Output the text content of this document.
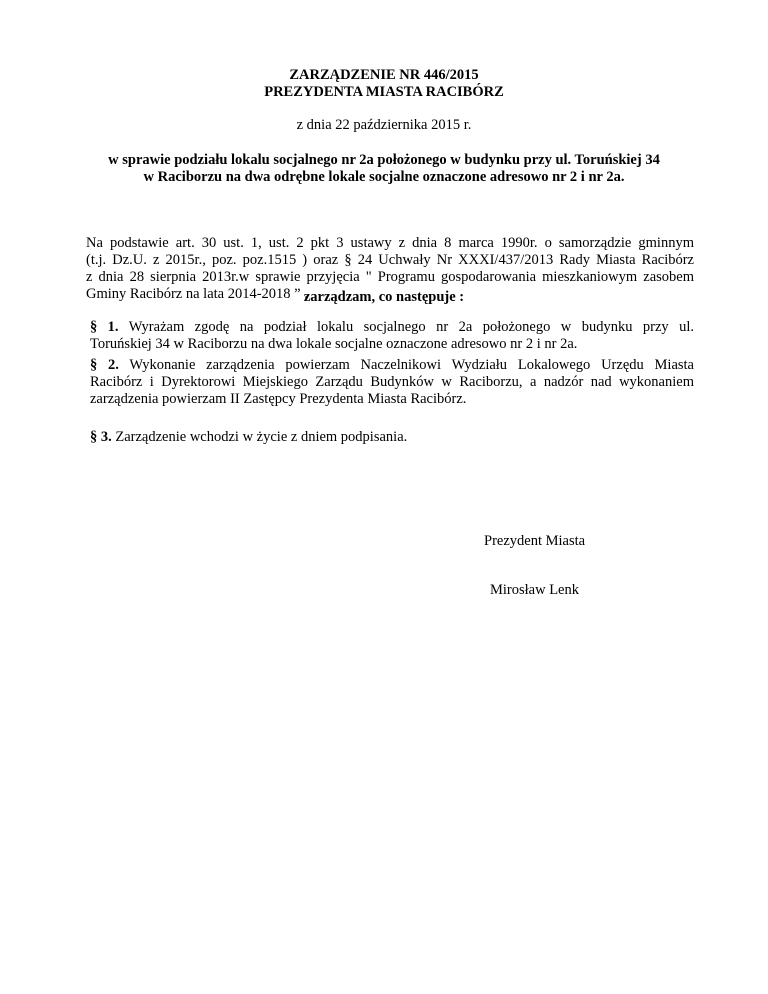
ZARZĄDZENIE NR 446/2015
PREZYDENTA MIASTA RACIBÓRZ
z dnia 22 października 2015 r.
w sprawie podziału lokalu socjalnego nr 2a położonego w budynku przy ul. Toruńskiej 34
w Raciborzu na dwa odrębne lokale socjalne oznaczone adresowo nr 2 i nr 2a.
Na podstawie art. 30 ust. 1, ust. 2 pkt 3 ustawy z dnia 8 marca 1990r. o samorządzie gminnym
(t.j. Dz.U. z 2015r., poz. poz.1515 ) oraz § 24 Uchwały Nr XXXI/437/2013 Rady Miasta Racibórz
z dnia 28 sierpnia 2013r.w sprawie przyjęcia " Programu gospodarowania mieszkaniowym zasobem
Gminy Racibórz na lata 2014-2018 ” .
zarządzam, co następuje :
§ 1. Wyrażam zgodę na podział lokalu socjalnego nr 2a położonego w budynku przy ul.
Toruńskiej 34 w Raciborzu na dwa lokale socjalne oznaczone adresowo nr 2 i nr 2a.
§ 2. Wykonanie zarządzenia powierzam Naczelnikowi Wydziału Lokalowego Urzędu Miasta
Racibórz i Dyrektorowi Miejskiego Zarządu Budynków w Raciborzu, a nadzór nad wykonaniem
zarządzenia powierzam II Zastępcy Prezydenta Miasta Racibórz.
§ 3. Zarządzenie wchodzi w życie z dniem podpisania.
Prezydent Miasta
Mirosław Lenk
